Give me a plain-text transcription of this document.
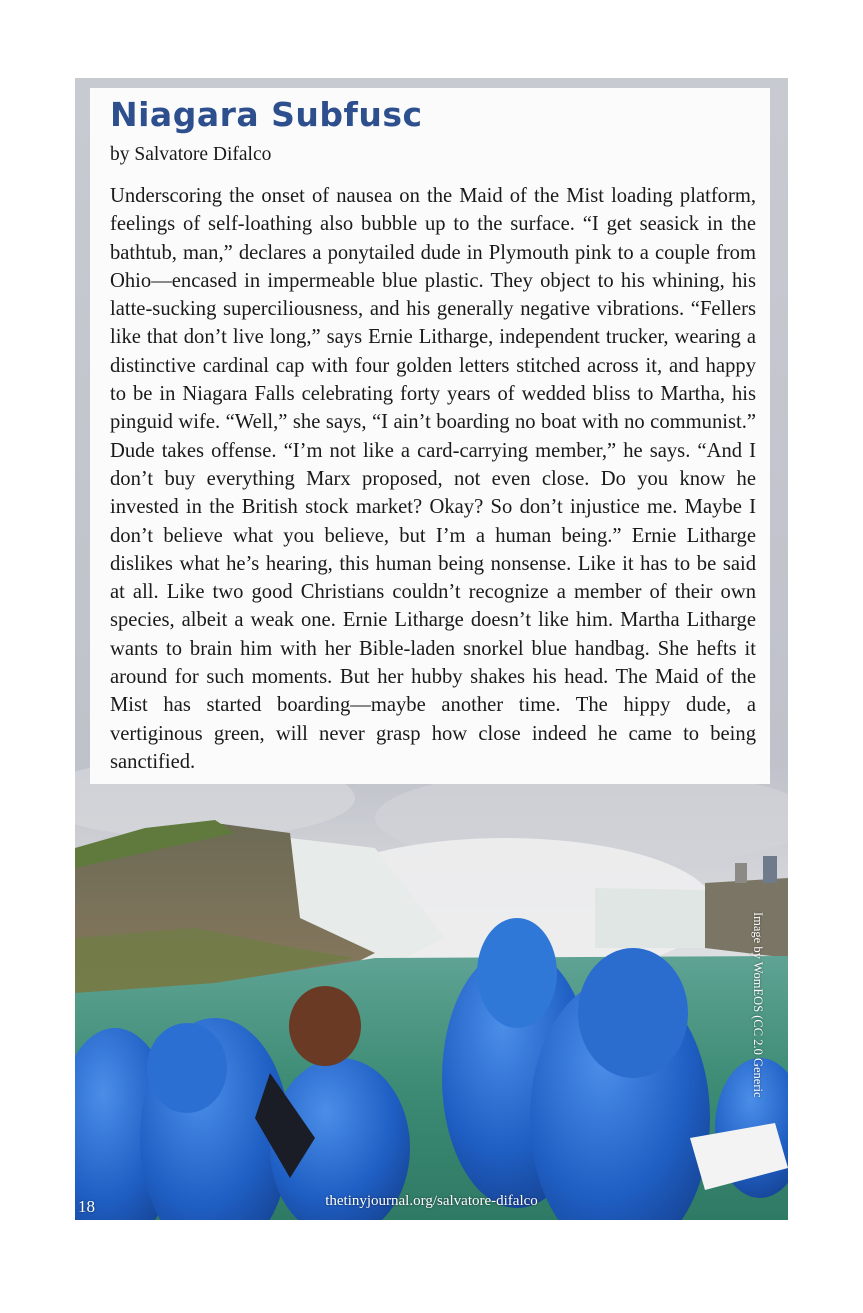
Niagara Subfusc

by Salvatore Difalco

Underscoring the onset of nausea on the Maid of the Mist loading platform, feelings of self-loathing also bubble up to the surface. “I get seasick in the bathtub, man,” declares a ponytailed dude in Plymouth pink to a couple from Ohio—encased in impermeable blue plastic. They object to his whining, his latte-sucking superciliousness, and his generally negative vibrations. “Fellers like that don’t live long,” says Ernie Litharge, independent trucker, wearing a distinctive cardinal cap with four golden letters stitched across it, and happy to be in Niagara Falls celebrating forty years of wedded bliss to Martha, his pinguid wife. “Well,” she says, “I ain’t boarding no boat with no communist.” Dude takes offense. “I’m not like a card-carrying member,” he says. “And I don’t buy everything Marx proposed, not even close. Do you know he invested in the British stock market? Okay? So don’t injustice me. Maybe I don’t believe what you believe, but I’m a human being.” Ernie Litharge dislikes what he’s hearing, this human being nonsense. Like it has to be said at all. Like two good Christians couldn’t recognize a member of their own species, albeit a weak one. Ernie Litharge doesn’t like him. Martha Litharge wants to brain him with her Bible-laden snorkel blue handbag. She hefts it around for such moments. But her hubby shakes his head. The Maid of the Mist has started boarding—maybe another time. The hippy dude, a vertiginous green, will never grasp how close indeed he came to being sanctified.

Image by WomEOS (CC 2.0 Generic
18	thetinyjournal.org/salvatore-difalco
